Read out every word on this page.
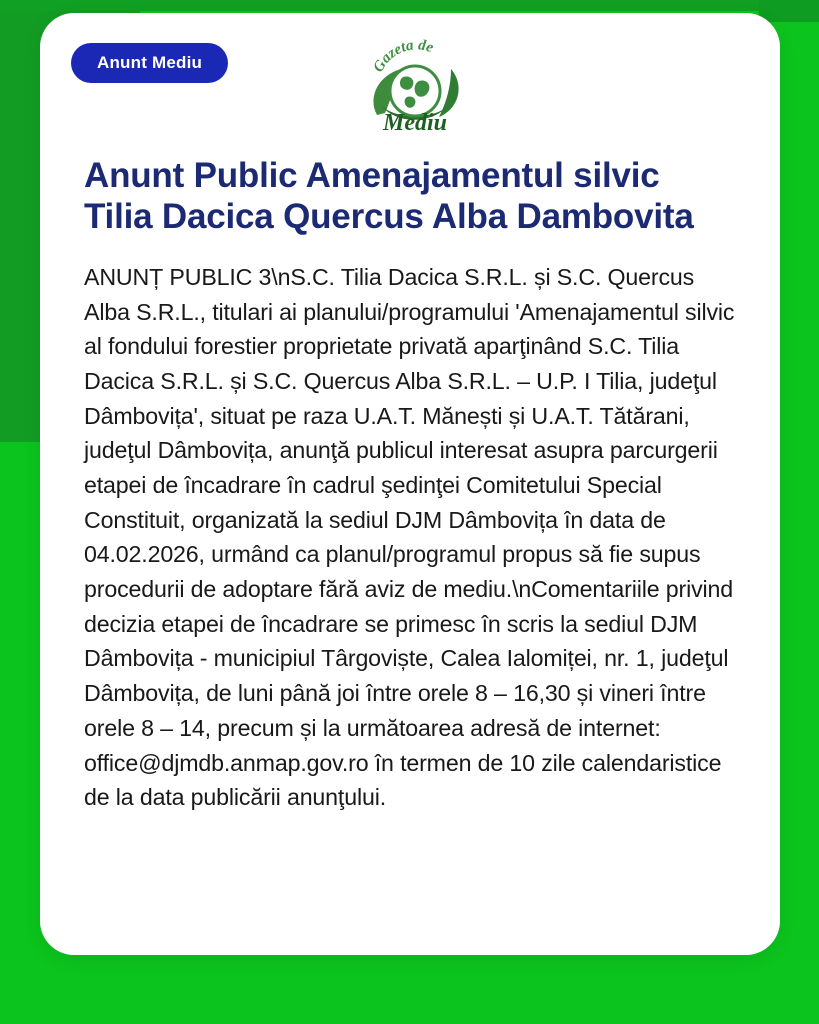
Anunt Mediu	Gazeta de
Mediu
Anunt Public Amenajamentul silvic Tilia Dacica Quercus Alba Dambovita

ANUNȚ PUBLIC 3\nS.C. Tilia Dacica S.R.L. și S.C. Quercus Alba S.R.L., titulari ai planului/programului 'Amenajamentul silvic al fondului forestier proprietate privată aparţinând S.C. Tilia Dacica S.R.L. și S.C. Quercus Alba S.R.L. – U.P. I Tilia, judeţul Dâmbovița', situat pe raza U.A.T. Mănești și U.A.T. Tătărani, judeţul Dâmbovița, anunţă publicul interesat asupra parcurgerii etapei de încadrare în cadrul şedinţei Comitetului Special Constituit, organizată la sediul DJM Dâmbovița în data de 04.02.2026, urmând ca planul/programul propus să fie supus procedurii de adoptare fără aviz de mediu.\nComentariile privind decizia etapei de încadrare se primesc în scris la sediul DJM Dâmbovița - municipiul Târgoviște, Calea Ialomiței, nr. 1, judeţul Dâmbovița, de luni până joi între orele 8 – 16,30 și vineri între orele 8 – 14, precum și la următoarea adresă de internet: office@djmdb.anmap.gov.ro în termen de 10 zile calendaristice de la data publicării anunţului.
